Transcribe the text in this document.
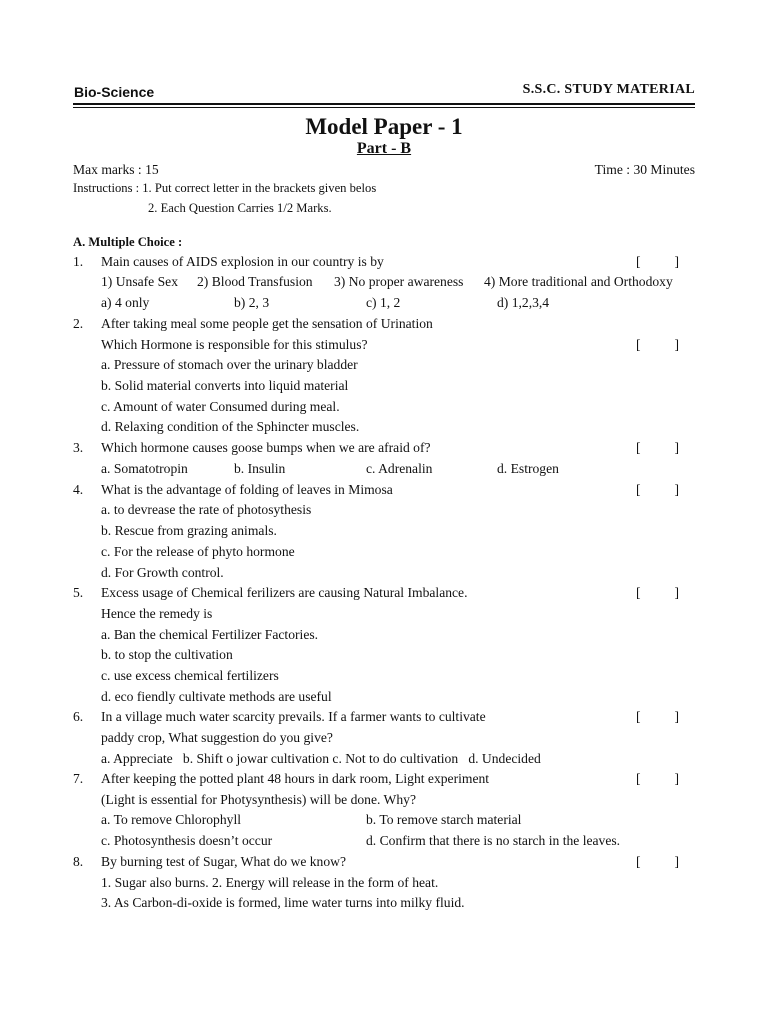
Bio-Science	S.S.C. STUDY MATERIAL
Model Paper - 1
Part - B
Max marks : 15	Time : 30 Minutes
Instructions : 1. Put correct letter in the brackets given belos
2. Each Question Carries 1/2 Marks.
A. Multiple Choice :
1. Main causes of AIDS explosion in our country is by	[          ]
1) Unsafe Sex 2) Blood Transfusion 3) No proper awareness 4) More traditional and Orthodoxy
a) 4 only	b) 2, 3	c) 1, 2	d) 1,2,3,4
2. After taking meal some people get the sensation of Urination
Which Hormone is responsible for this stimulus?	[          ]
a. Pressure of stomach over the urinary bladder
b. Solid material converts into liquid material
c. Amount of water Consumed during meal.
d. Relaxing condition of the Sphincter muscles.
3. Which hormone causes goose bumps when we are afraid of?	[          ]
a. Somatotropin	b. Insulin	c. Adrenalin	d. Estrogen
4. What is the advantage of folding of leaves in Mimosa	[          ]
a. to devrease the rate of photosythesis
b. Rescue from grazing animals.
c. For the release of phyto hormone
d. For Growth control.
5. Excess usage of Chemical ferilizers are causing Natural Imbalance.	[          ]
Hence the remedy is
a. Ban the chemical Fertilizer Factories.
b. to stop the cultivation
c. use excess chemical fertilizers
d. eco fiendly cultivate methods are useful
6. In a village much water scarcity prevails. If a farmer wants to cultivate	[          ]
paddy crop, What suggestion do you give?
a. Appreciate   b. Shift o jowar cultivation c. Not to do cultivation   d. Undecided
7. After keeping the potted plant 48 hours in dark room, Light experiment	[          ]
(Light is essential for Photysynthesis) will be done. Why?
a. To remove Chlorophyll	b. To remove starch material
c. Photosynthesis doesn’t occur	d. Confirm that there is no starch in the leaves.
8. By burning test of Sugar, What do we know?	[          ]
1. Sugar also burns. 2. Energy will release in the form of heat.
3. As Carbon-di-oxide is formed, lime water turns into milky fluid.
